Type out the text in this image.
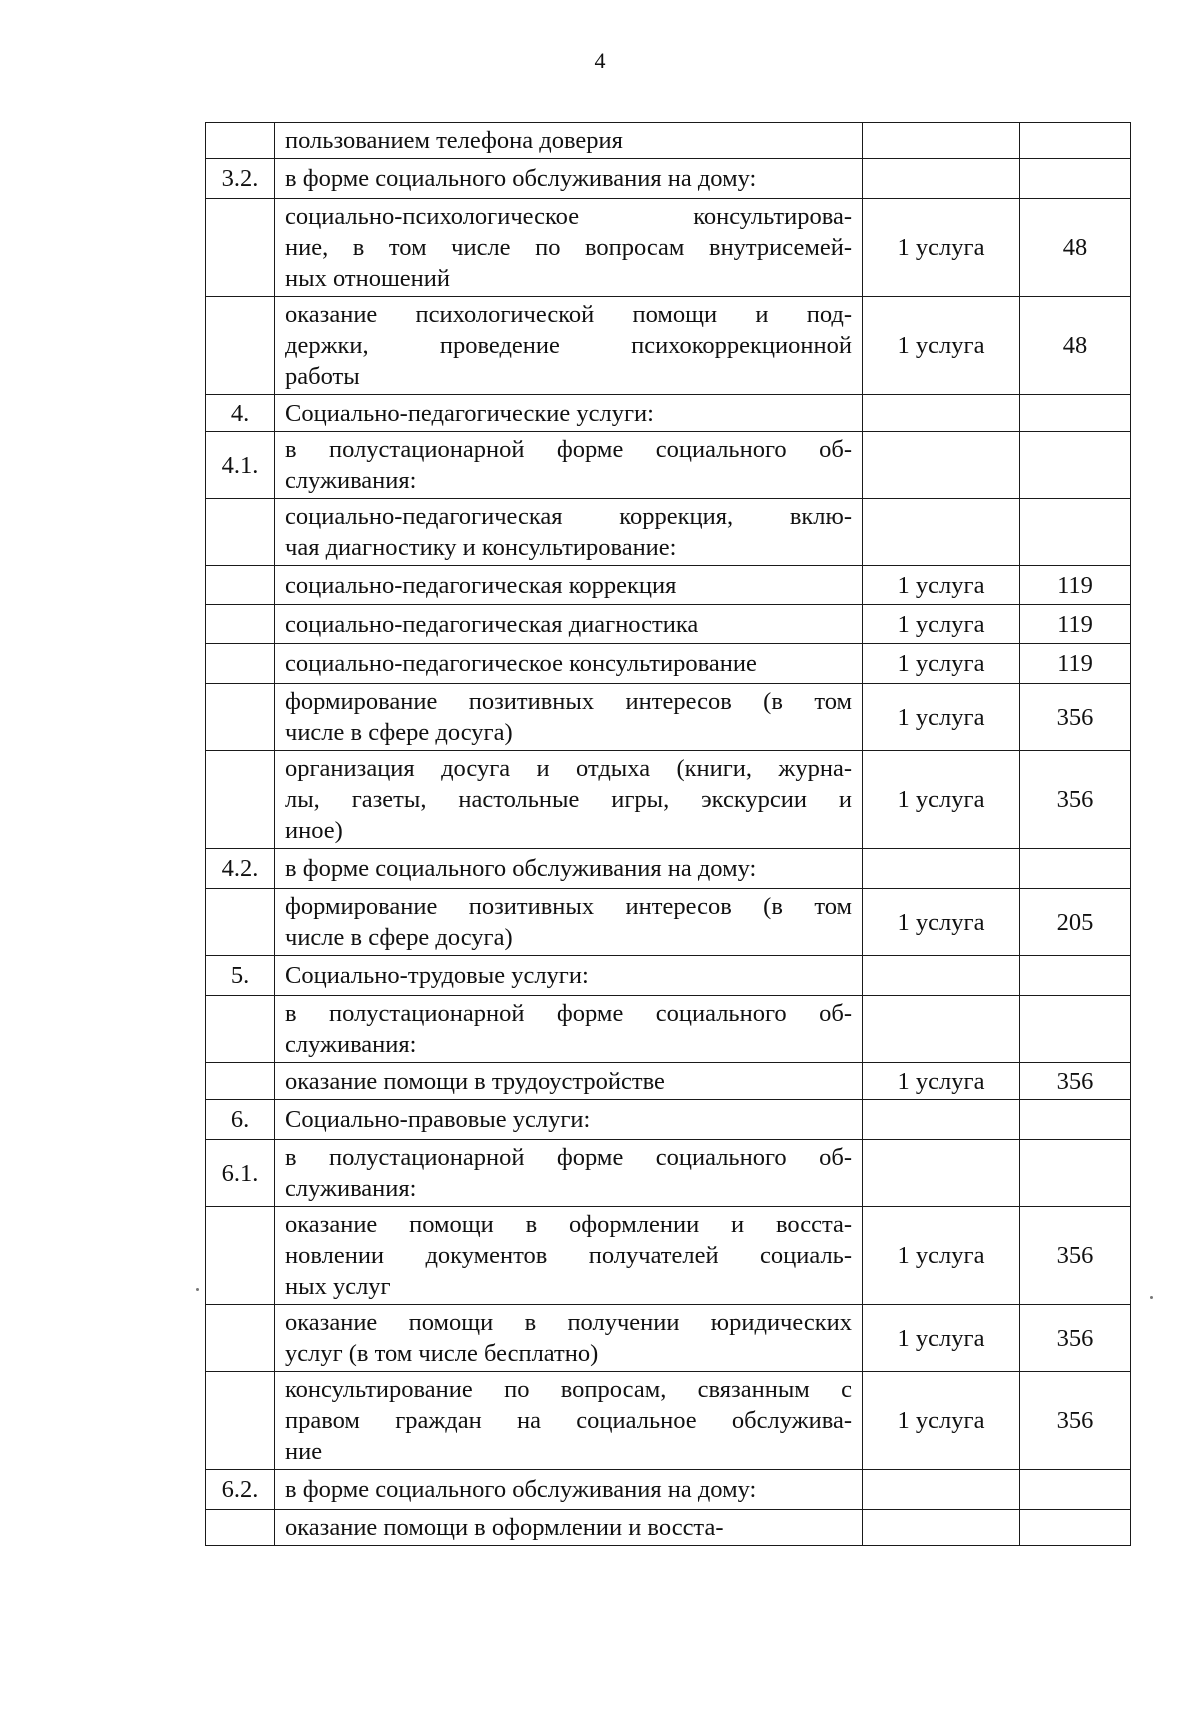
4

	пользованием телефона доверия		

3.2.	в форме социального обслуживания на дому:		

	социально-психологическое консультирова-
ние, в том числе по вопросам внутрисемей-
ных отношений	1 услуга	48

	оказание психологической помощи и под-
держки, проведение психокоррекционной
работы	1 услуга	48
4.	Социально-педагогические услуги:		

4.1.	в полустационарной форме социального об-
служивания:		

	социально-педагогическая коррекция, вклю-
чая диагностику и консультирование:		

	социально-педагогическая коррекция	1 услуга	119

	социально-педагогическая диагностика	1 услуга	119

	социально-педагогическое консультирование	1 услуга	119

	формирование позитивных интересов (в том
числе в сфере досуга)	1 услуга	356

	организация досуга и отдыха (книги, журна-
лы, газеты, настольные игры, экскурсии и
иное)	1 услуга	356
4.2.	в форме социального обслуживания на дому:		

	формирование позитивных интересов (в том
числе в сфере досуга)	1 услуга	205
5.	Социально-трудовые услуги:		

	в полустационарной форме социального об-
служивания:		

	оказание помощи в трудоустройстве	1 услуга	356
6.	Социально-правовые услуги:		

6.1.	в полустационарной форме социального об-
служивания:		

	оказание помощи в оформлении и восста-
новлении документов получателей социаль-
ных услуг	1 услуга	356

	оказание помощи в получении юридических
услуг (в том числе бесплатно)	1 услуга	356

	консультирование по вопросам, связанным с
правом граждан на социальное обслужива-
ние	1 услуга	356
6.2.	в форме социального обслуживания на дому:		

	оказание помощи в оформлении и восста-		
